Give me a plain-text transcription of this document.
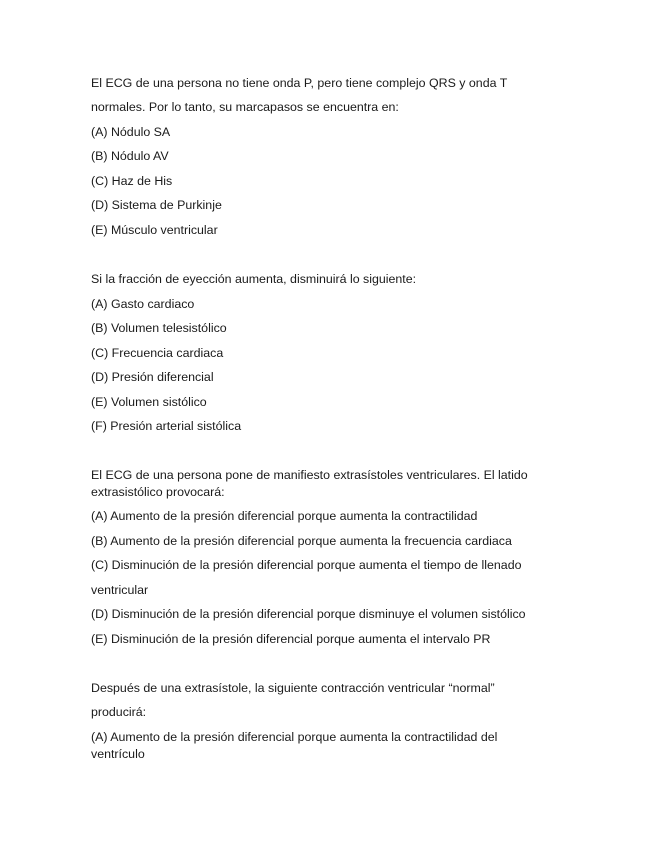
El ECG de una persona no tiene onda P, pero tiene complejo QRS y onda T
normales. Por lo tanto, su marcapasos se encuentra en:
(A) Nódulo SA
(B) Nódulo AV
(C) Haz de His
(D) Sistema de Purkinje
(E) Músculo ventricular
Si la fracción de eyección aumenta, disminuirá lo siguiente:
(A) Gasto cardiaco
(B) Volumen telesistólico
(C) Frecuencia cardiaca
(D) Presión diferencial
(E) Volumen sistólico
(F) Presión arterial sistólica
El ECG de una persona pone de manifiesto extrasístoles ventriculares. El latido
extrasistólico provocará:
(A) Aumento de la presión diferencial porque aumenta la contractilidad
(B) Aumento de la presión diferencial porque aumenta la frecuencia cardiaca
(C) Disminución de la presión diferencial porque aumenta el tiempo de llenado
ventricular
(D) Disminución de la presión diferencial porque disminuye el volumen sistólico
(E) Disminución de la presión diferencial porque aumenta el intervalo PR
Después de una extrasístole, la siguiente contracción ventricular “normal”
producirá:
(A) Aumento de la presión diferencial porque aumenta la contractilidad del
ventrículo
